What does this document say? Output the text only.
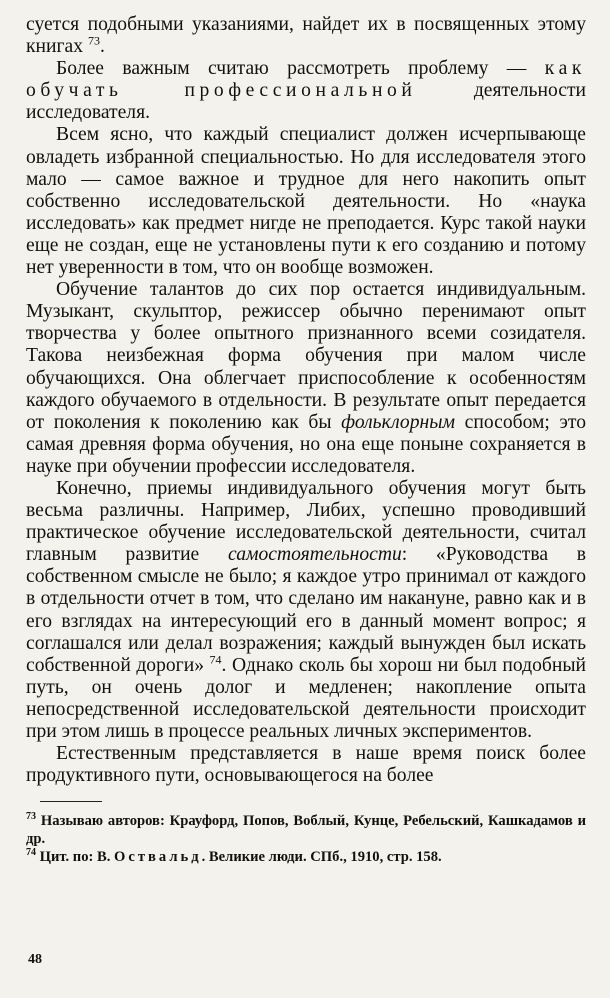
суется подобными указаниями, найдет их в посвященных этому книгах $^{73}$.

Более важным считаю рассмотреть проблему — как обучать профессиональной деятельности исследователя.

Всем ясно, что каждый специалист должен исчерпывающе овладеть избранной специальностью. Но для исследователя этого мало — самое важное и трудное для него накопить опыт собственно исследовательской деятельности. Но «наука исследовать» как предмет нигде не преподается. Курс такой науки еще не создан, еще не установлены пути к его созданию и потому нет уверенности в том, что он вообще возможен.

Обучение талантов до сих пор остается индивидуальным. Музыкант, скульптор, режиссер обычно перенимают опыт творчества у более опытного признанного всеми созидателя. Такова неизбежная форма обучения при малом числе обучающихся. Она облегчает приспособление к особенностям каждого обучаемого в отдельности. В результате опыт передается от поколения к поколению как бы фольклорным способом; это самая древняя форма обучения, но она еще поныне сохраняется в науке при обучении профессии исследователя.

Конечно, приемы индивидуального обучения могут быть весьма различны. Например, Либих, успешно проводивший практическое обучение исследовательской деятельности, считал главным развитие самостоятельности: «Руководства в собственном смысле не было; я каждое утро принимал от каждого в отдельности отчет в том, что сделано им накануне, равно как и в его взглядах на интересующий его в данный момент вопрос; я соглашался или делал возражения; каждый вынужден был искать собственной дороги» $^{74}$. Однако сколь бы хорош ни был подобный путь, он очень долог и медленен; накопление опыта непосредственной исследовательской деятельности происходит при этом лишь в процессе реальных личных экспериментов.

Естественным представляется в наше время поиск более продуктивного пути, основывающегося на более

$^{73}$ Называю авторов: Крауфорд, Попов, Воблый, Кунце, Ребельский, Кашкадамов и др.

$^{74}$ Цит. по: В. Оствальд. Великие люди. СПб., 1910, стр. 158.

48
